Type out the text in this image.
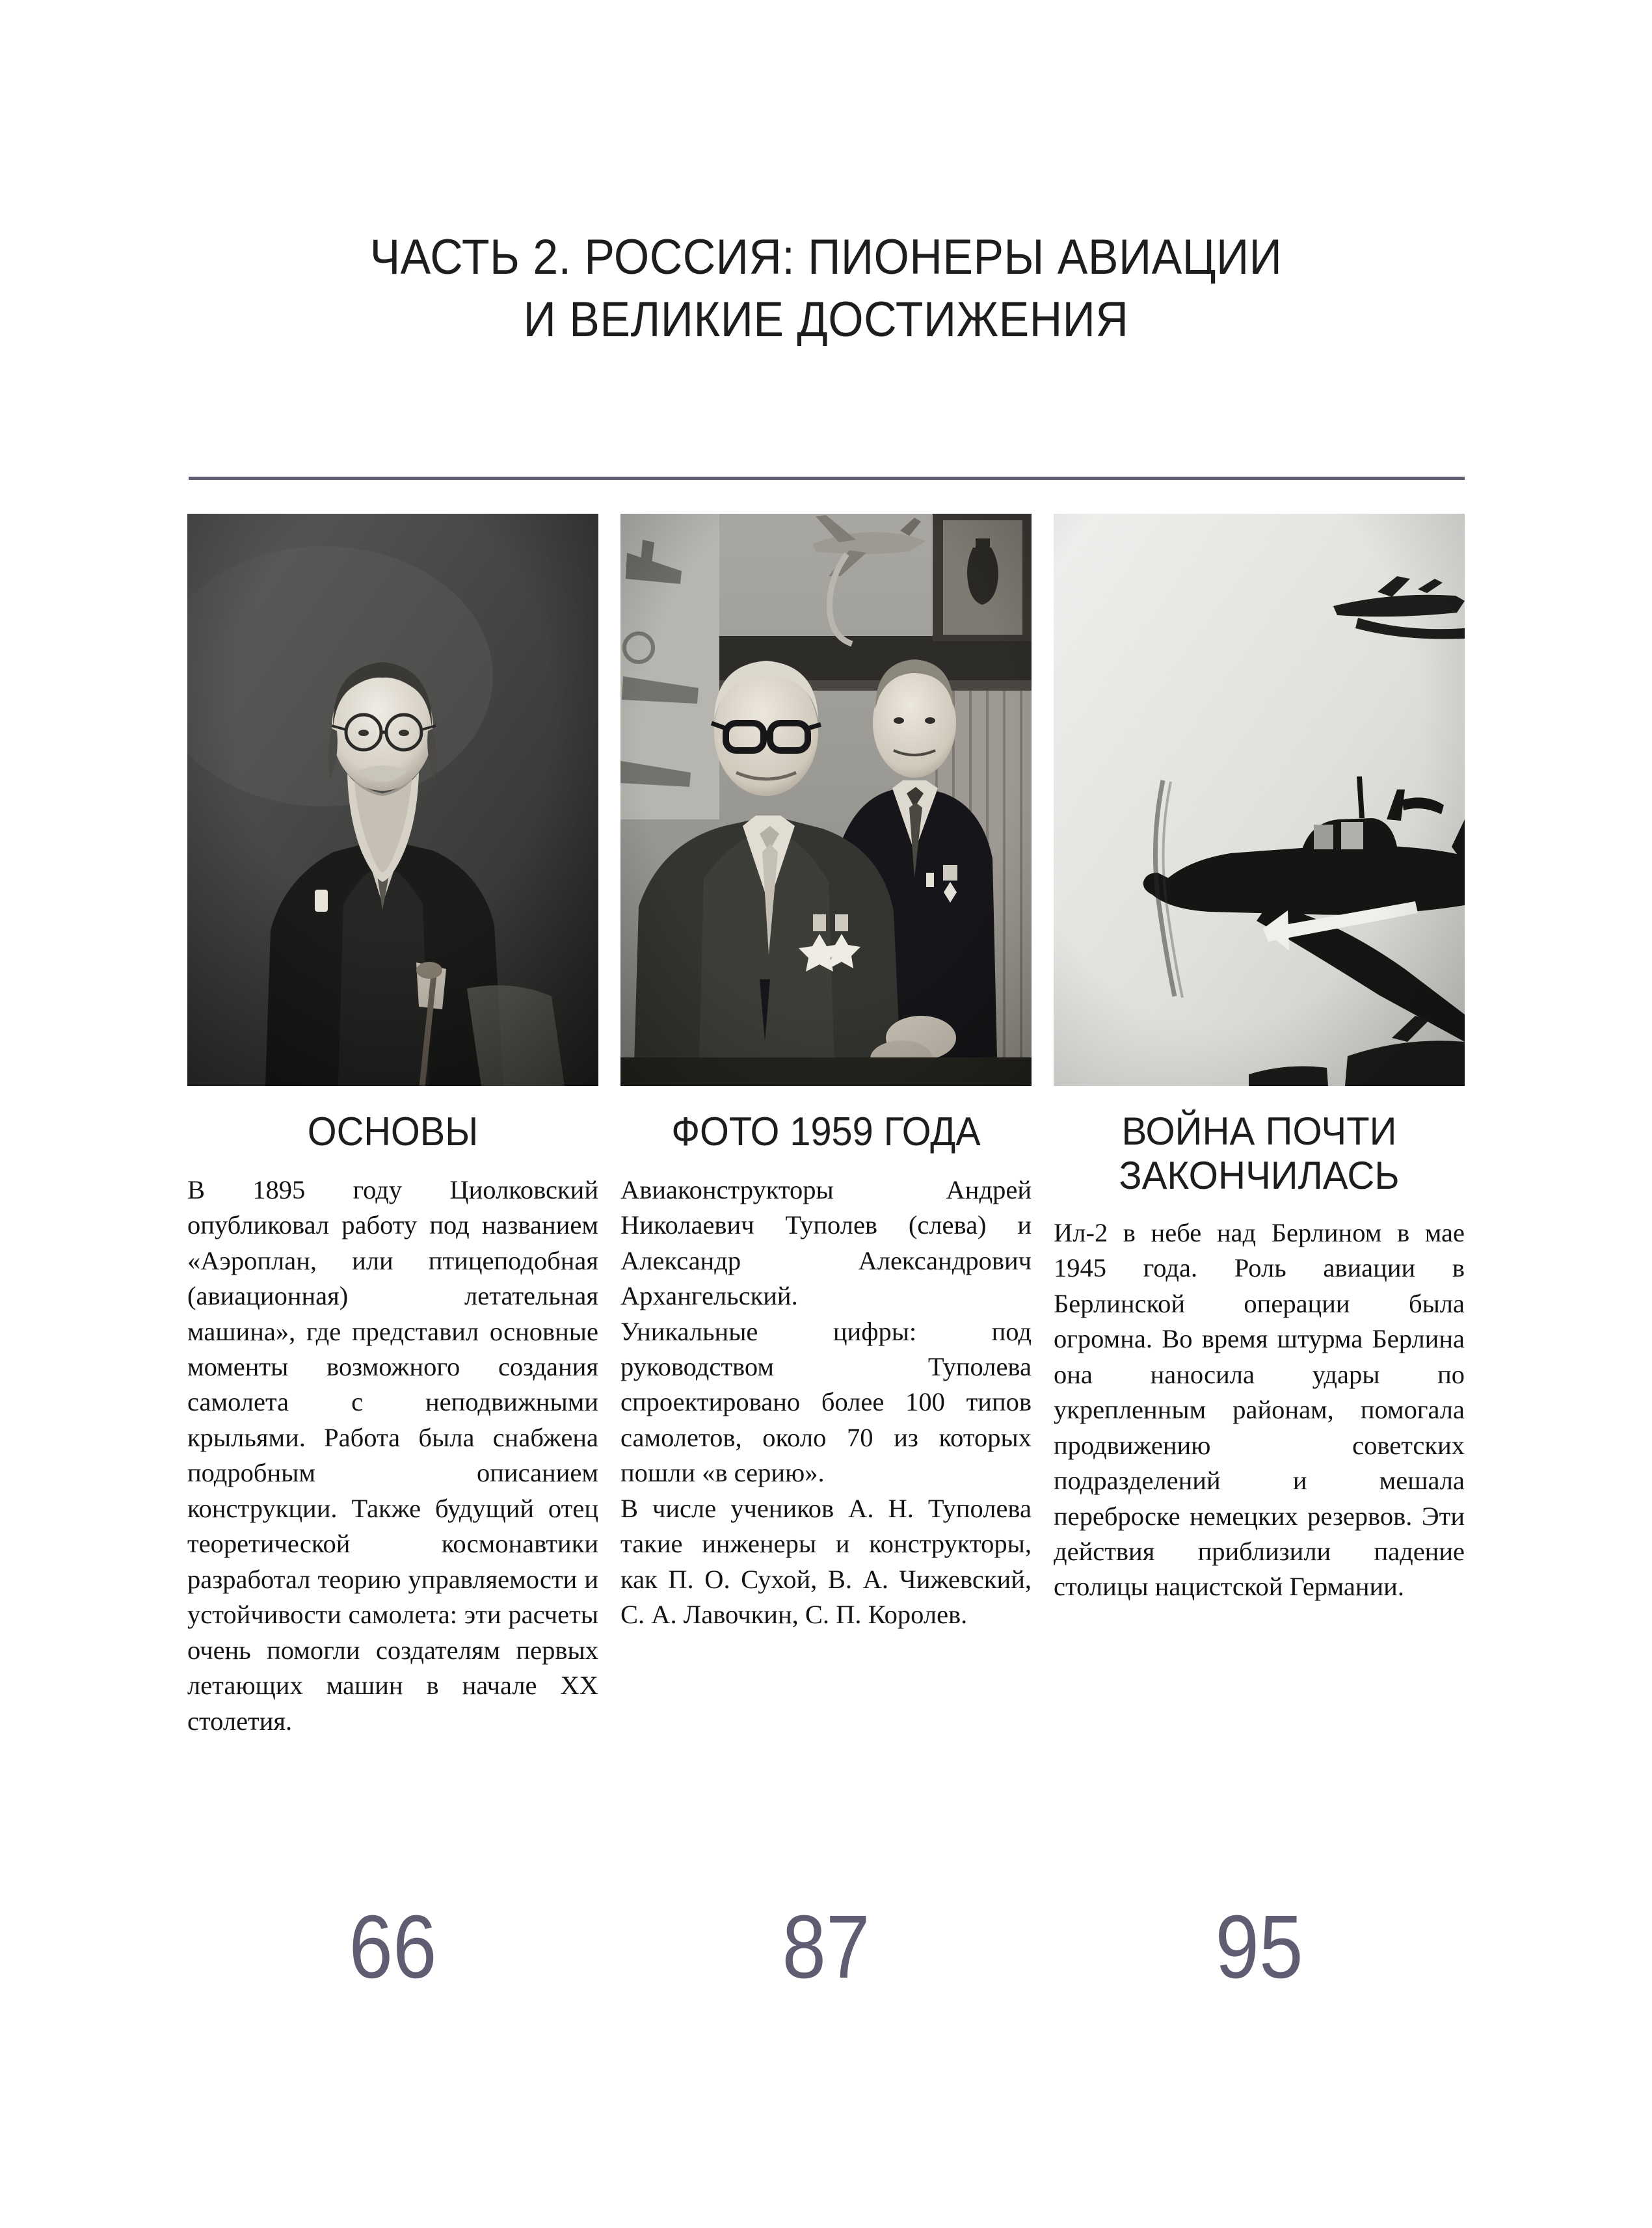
ЧАСТЬ 2. РОССИЯ: ПИОНЕРЫ АВИАЦИИ
И ВЕЛИКИЕ ДОСТИЖЕНИЯ
ОСНОВЫ

В 1895 году Циолковский опубликовал работу под названием «Аэроплан, или птицеподобная (авиационная) летательная машина», где представил основные моменты возможного создания самолета с неподвижными крыльями. Работа была снабжена подробным описанием конструкции. Также будущий отец теоретической космонавтики разработал теорию управляемости и устойчивости самолета: эти расчеты очень помогли создателям первых летающих машин в начале XX столетия.

ФОТО 1959 ГОДА

Авиаконструкторы Андрей Николаевич Туполев (слева) и Александр Александрович Архангельский.

Уникальные цифры: под руководством Туполева спроектировано более 100 типов самолетов, около 70 из которых пошли «в серию».

В числе учеников А. Н. Туполева такие инженеры и конструкторы, как П. О. Сухой, В. А. Чижевский, С. А. Лавочкин, С. П. Королев.

ВОЙНА ПОЧТИ
ЗАКОНЧИЛАСЬ

Ил-2 в небе над Берлином в мае 1945 года. Роль авиации в Берлинской операции была огромна. Во время штурма Берлина она наносила удары по укрепленным районам, помогала продвижению советских подразделений и мешала переброске немецких резервов. Эти действия приблизили падение столицы нацистской Германии.

66	87	95
